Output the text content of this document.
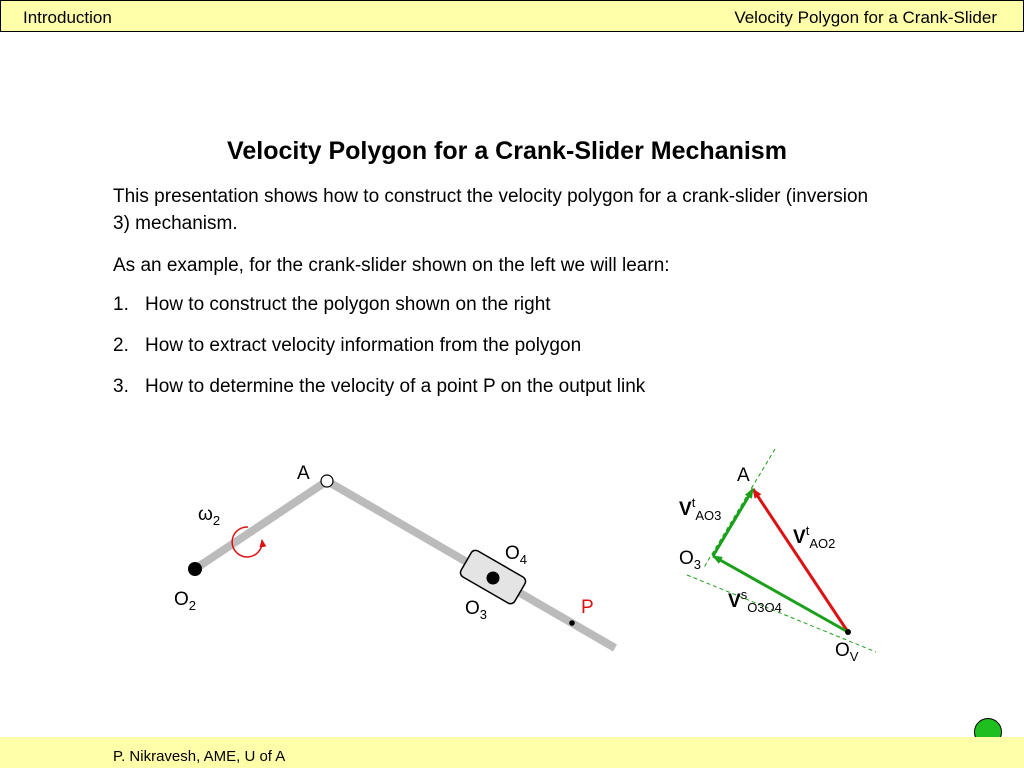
Introduction	Velocity Polygon for a Crank-Slider
Velocity Polygon for a Crank-Slider Mechanism

This presentation shows how to construct the velocity polygon for a crank-slider (inversion 3) mechanism.

As an example, for the crank-slider shown on the left we will learn:

1. How to construct the polygon shown on the right
2. How to extract velocity information from the polygon
3. How to determine the velocity of a point P on the output link
A
$\omega_2$
$O_2$
$O_4$
$O_3$	P
A
$O_3$
$O_V$
$V^t_{AO3}$
$V^t_{AO2}$
$V^s_{O3O4}$
P. Nikravesh, AME, U of A
